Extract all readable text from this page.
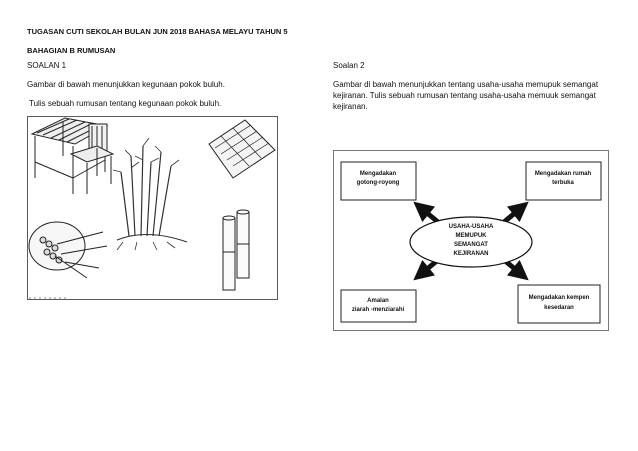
TUGASAN CUTI SEKOLAH BULAN JUN 2018 BAHASA MELAYU TAHUN 5
BAHAGIAN B RUMUSAN
SOALAN 1
Gambar di bawah menunjukkan kegunaan pokok buluh.
Tulis sebuah rumusan tentang kegunaan pokok buluh.
Soalan 2
Gambar di bawah menunjukkan tentang usaha-usaha memupuk semangat
kejiranan. Tulis sebuah rumusan tentang usaha-usaha memuuk semangat
kejiranan.
USAHA-USAHA
MEMUPUK
SEMANGAT
KEJIRANAN
Mengadakan
gotong-royong
Mengadakan rumah
terbuka
Amalan
ziarah -menziarahi
Mengadakan kempen
kesedaran
